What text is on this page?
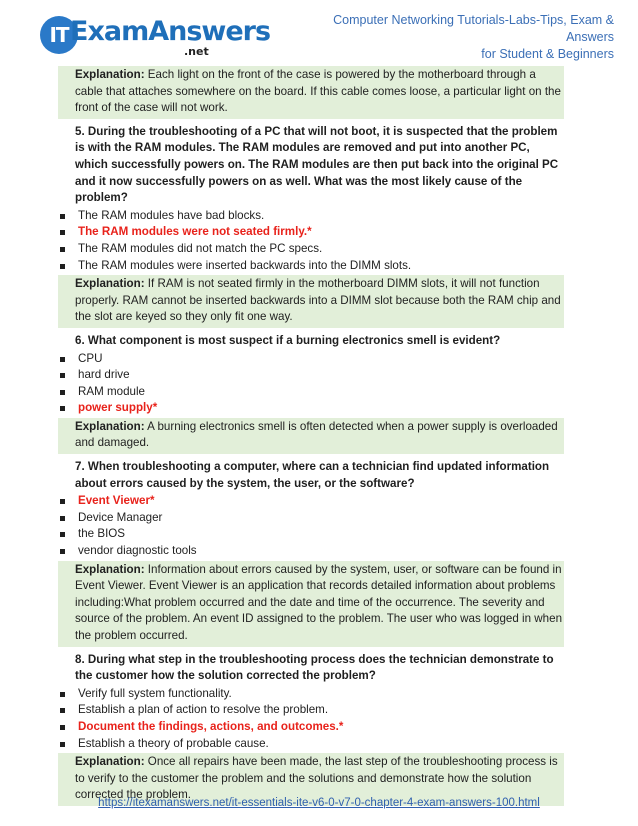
IT ExamAnswers
.net
Computer Networking Tutorials-Labs-Tips, Exam & Answers
for Student & Beginners
Explanation: Each light on the front of the case is powered by the motherboard through a cable that attaches somewhere on the board. If this cable comes loose, a particular light on the front of the case will not work.
5. During the troubleshooting of a PC that will not boot, it is suspected that the problem is with the RAM modules. The RAM modules are removed and put into another PC, which successfully powers on. The RAM modules are then put back into the original PC and it now successfully powers on as well. What was the most likely cause of the problem?
The RAM modules have bad blocks.
The RAM modules were not seated firmly.*
The RAM modules did not match the PC specs.
The RAM modules were inserted backwards into the DIMM slots.
Explanation: If RAM is not seated firmly in the motherboard DIMM slots, it will not function properly. RAM cannot be inserted backwards into a DIMM slot because both the RAM chip and the slot are keyed so they only fit one way.
6. What component is most suspect if a burning electronics smell is evident?
CPU
hard drive
RAM module
power supply*
Explanation: A burning electronics smell is often detected when a power supply is overloaded and damaged.
7. When troubleshooting a computer, where can a technician find updated information about errors caused by the system, the user, or the software?
Event Viewer*
Device Manager
the BIOS
vendor diagnostic tools
Explanation: Information about errors caused by the system, user, or software can be found in Event Viewer. Event Viewer is an application that records detailed information about problems including:What problem occurred and the date and time of the occurrence. The severity and source of the problem. An event ID assigned to the problem. The user who was logged in when the problem occurred.
8. During what step in the troubleshooting process does the technician demonstrate to the customer how the solution corrected the problem?
Verify full system functionality.
Establish a plan of action to resolve the problem.
Document the findings, actions, and outcomes.*
Establish a theory of probable cause.
Explanation: Once all repairs have been made, the last step of the troubleshooting process is to verify to the customer the problem and the solutions and demonstrate how the solution corrected the problem.
https://itexamanswers.net/it-essentials-ite-v6-0-v7-0-chapter-4-exam-answers-100.html
